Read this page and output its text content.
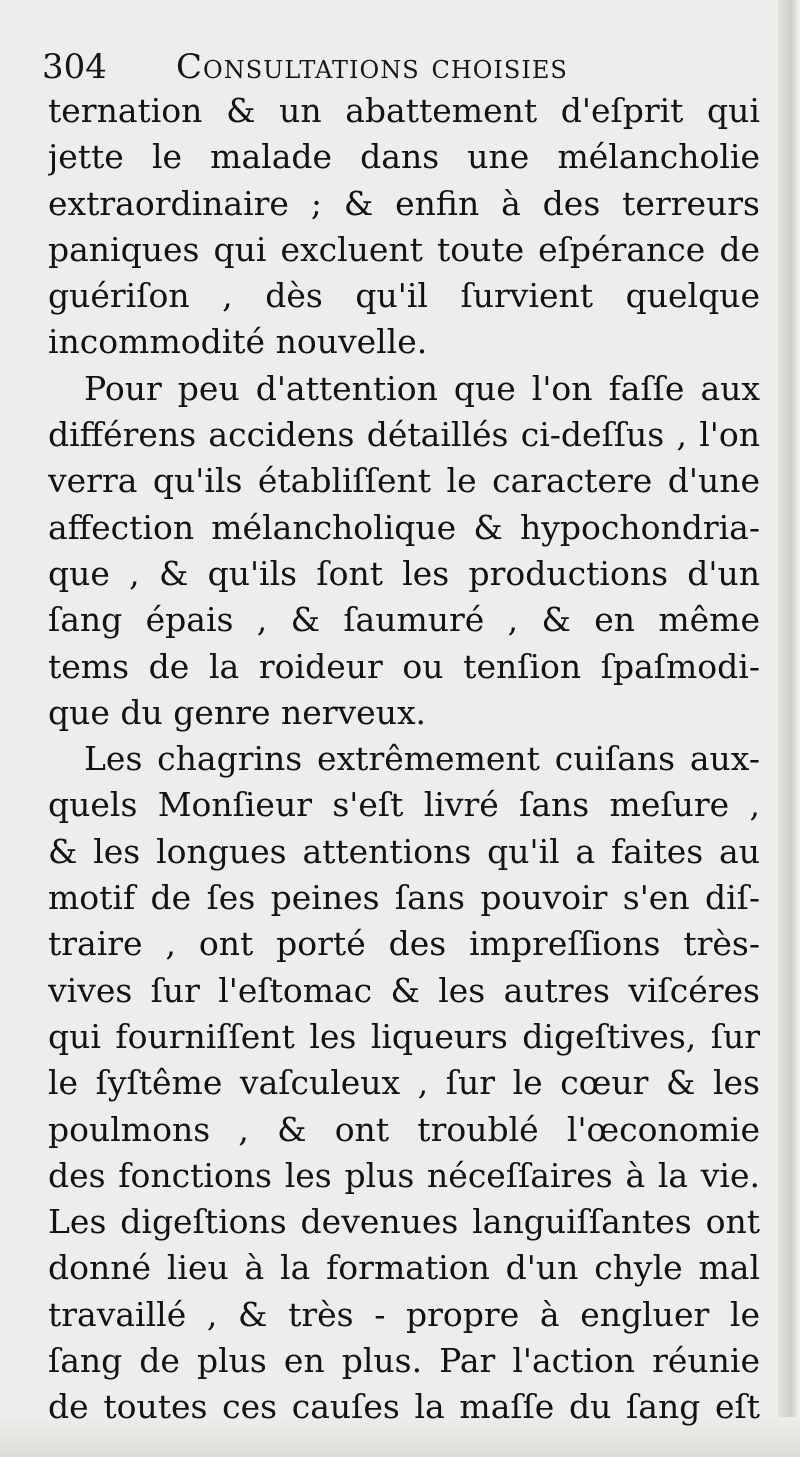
304 Consultations choisies
ternation & un abattement d'eſprit qui
jette le malade dans une mélancholie
extraordinaire ; & enfin à des terreurs
paniques qui excluent toute eſpérance de
guériſon , dès qu'il ſurvient quelque
incommodité nouvelle.
Pour peu d'attention que l'on faſſe aux
différens accidens détaillés ci-deſſus , l'on
verra qu'ils établiſſent le caractere d'une
affection mélancholique & hypochondria-
que , & qu'ils ſont les productions d'un
ſang épais , & ſaumuré , & en même
tems de la roideur ou tenſion ſpaſmodi-
que du genre nerveux.
Les chagrins extrêmement cuiſans aux-
quels Monſieur s'eſt livré ſans meſure ,
& les longues attentions qu'il a faites au
motif de ſes peines ſans pouvoir s'en diſ-
traire , ont porté des impreſſions très-
vives ſur l'eſtomac & les autres viſcéres
qui fourniſſent les liqueurs digeſtives, ſur
le ſyſtême vaſculeux , ſur le cœur & les
poulmons , & ont troublé l'œconomie
des fonctions les plus néceſſaires à la vie.
Les digeſtions devenues languiſſantes ont
donné lieu à la formation d'un chyle mal
travaillé , & très - propre à engluer le
ſang de plus en plus. Par l'action réunie
de toutes ces cauſes la maſſe du ſang eſt
